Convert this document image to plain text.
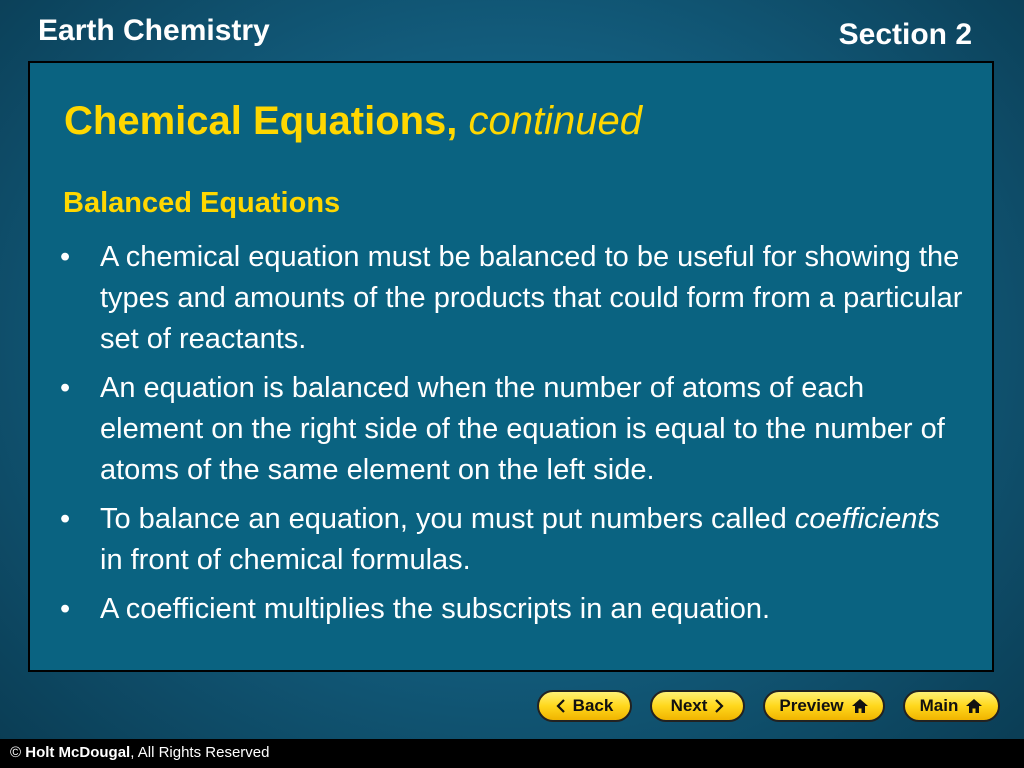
Earth Chemistry	Section 2
Chemical Equations, continued
Balanced Equations
• A chemical equation must be balanced to be useful for showing the types and amounts of the products that could form from a particular set of reactants.
• An equation is balanced when the number of atoms of each element on the right side of the equation is equal to the number of atoms of the same element on the left side.
• To balance an equation, you must put numbers called coefficients in front of chemical formulas.
• A coefficient multiplies the subscripts in an equation.
Back	Next	Preview	Main
© Holt McDougal, All Rights Reserved
